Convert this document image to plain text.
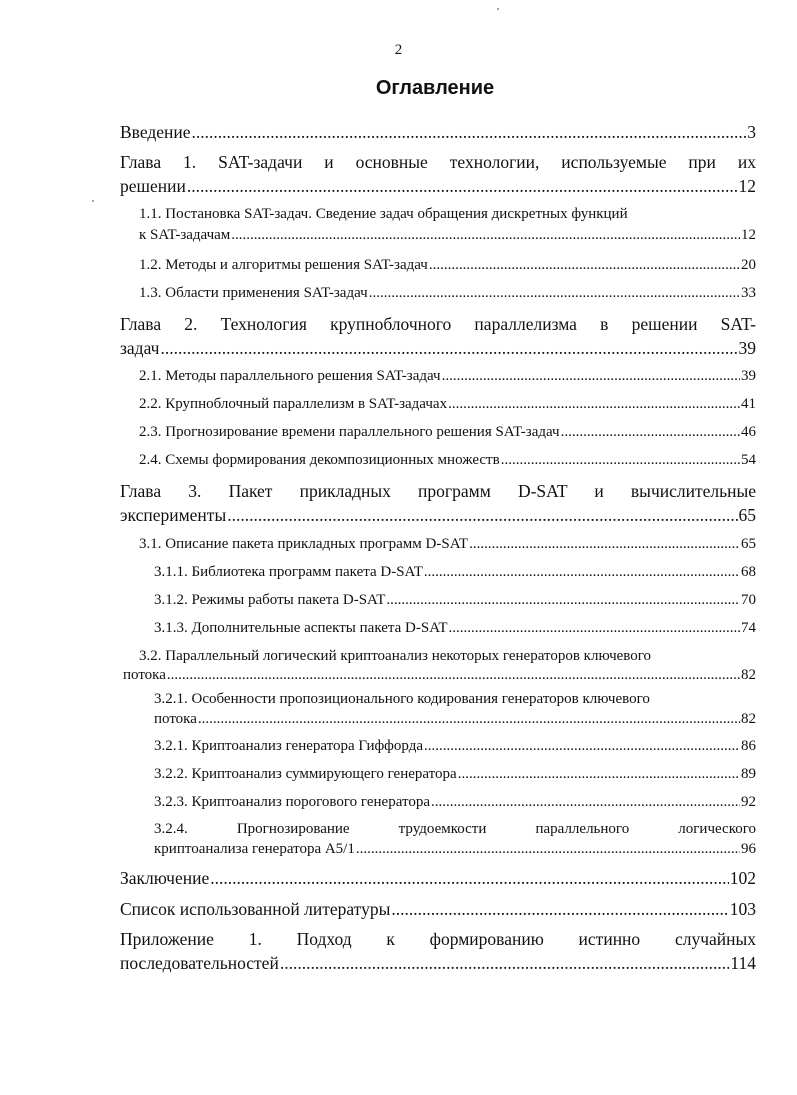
2
Оглавление
Введение .....	3
Глава 1. SAT-задачи и основные технологии, используемые при их
решении .....	12
1.1. Постановка SAT-задач. Сведение задач обращения дискретных функций
к SAT-задачам .....	12
1.2. Методы и алгоритмы решения SAT-задач .....	20
1.3. Области применения SAT-задач .....	33
Глава 2. Технология крупноблочного параллелизма в решении SAT-
задач .....	39
2.1. Методы параллельного решения SAT-задач .....	39
2.2. Крупноблочный параллелизм в SAT-задачах .....	41
2.3. Прогнозирование времени параллельного решения SAT-задач .....	46
2.4. Схемы формирования декомпозиционных множеств .....	54
Глава 3. Пакет прикладных программ D-SAT и вычислительные
эксперименты .....	65
3.1. Описание пакета прикладных программ D-SAT .....	65
3.1.1. Библиотека программ пакета D-SAT .....	68
3.1.2. Режимы работы пакета D-SAT .....	70
3.1.3. Дополнительные аспекты пакета D-SAT .....	74
3.2. Параллельный логический криптоанализ некоторых генераторов ключевого
потока .....	82
3.2.1. Особенности пропозиционального кодирования генераторов ключевого
потока .....	82
3.2.1. Криптоанализ генератора Гиффорда .....	86
3.2.2. Криптоанализ суммирующего генератора .....	89
3.2.3. Криптоанализ порогового генератора .....	92
3.2.4. Прогнозирование трудоемкости параллельного логического
криптоанализа генератора A5/1 .....	96
Заключение .....	102
Список использованной литературы .....	103
Приложение 1. Подход к формированию истинно случайных
последовательностей .....	114
